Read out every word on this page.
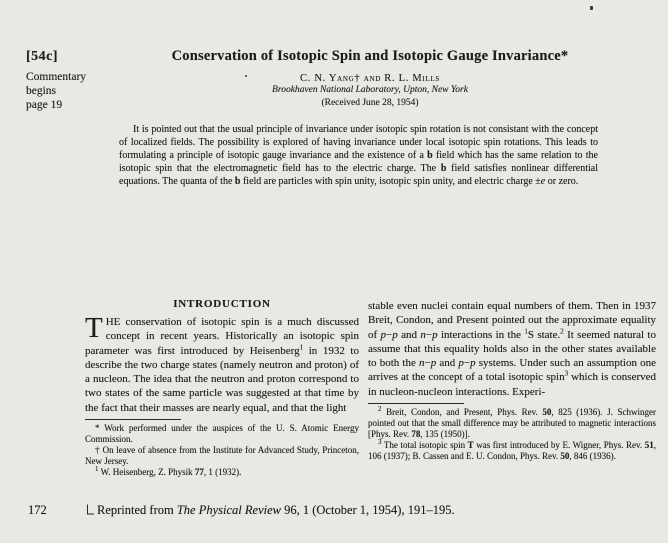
[54c]
Commentary
begins
page 19
Conservation of Isotopic Spin and Isotopic Gauge Invariance*
C. N. Yang† and R. L. Mills
Brookhaven National Laboratory, Upton, New York
(Received June 28, 1954)
It is pointed out that the usual principle of invariance under isotopic spin rotation is not consistant with the concept of localized fields. The possibility is explored of having invariance under local isotopic spin rotations. This leads to formulating a principle of isotopic gauge invariance and the existence of a b field which has the same relation to the isotopic spin that the electromagnetic field has to the electric charge. The b field satisfies nonlinear differential equations. The quanta of the b field are particles with spin unity, isotopic spin unity, and electric charge ±e or zero.
INTRODUCTION
THE conservation of isotopic spin is a much discussed concept in recent years. Historically an isotopic spin parameter was first introduced by Heisenberg$^1$ in 1932 to describe the two charge states (namely neutron and proton) of a nucleon. The idea that the neutron and proton correspond to two states of the same particle was suggested at that time by the fact that their masses are nearly equal, and that the light
* Work performed under the auspices of the U. S. Atomic Energy Commission.
† On leave of absence from the Institute for Advanced Study, Princeton, New Jersey.
$^1$ W. Heisenberg, Z. Physik 77, 1 (1932).
stable even nuclei contain equal numbers of them. Then in 1937 Breit, Condon, and Present pointed out the approximate equality of p−p and n−p interactions in the $^1$S state.$^2$ It seemed natural to assume that this equality holds also in the other states available to both the n−p and p−p systems. Under such an assumption one arrives at the concept of a total isotopic spin$^3$ which is conserved in nucleon-nucleon interactions. Experi-
$^2$ Breit, Condon, and Present, Phys. Rev. 50, 825 (1936). J. Schwinger pointed out that the small difference may be attributed to magnetic interactions [Phys. Rev. 78, 135 (1950)].
$^3$ The total isotopic spin T was first introduced by E. Wigner, Phys. Rev. 51, 106 (1937); B. Cassen and E. U. Condon, Phys. Rev. 50, 846 (1936).
172	Reprinted from The Physical Review 96, 1 (October 1, 1954), 191–195.
